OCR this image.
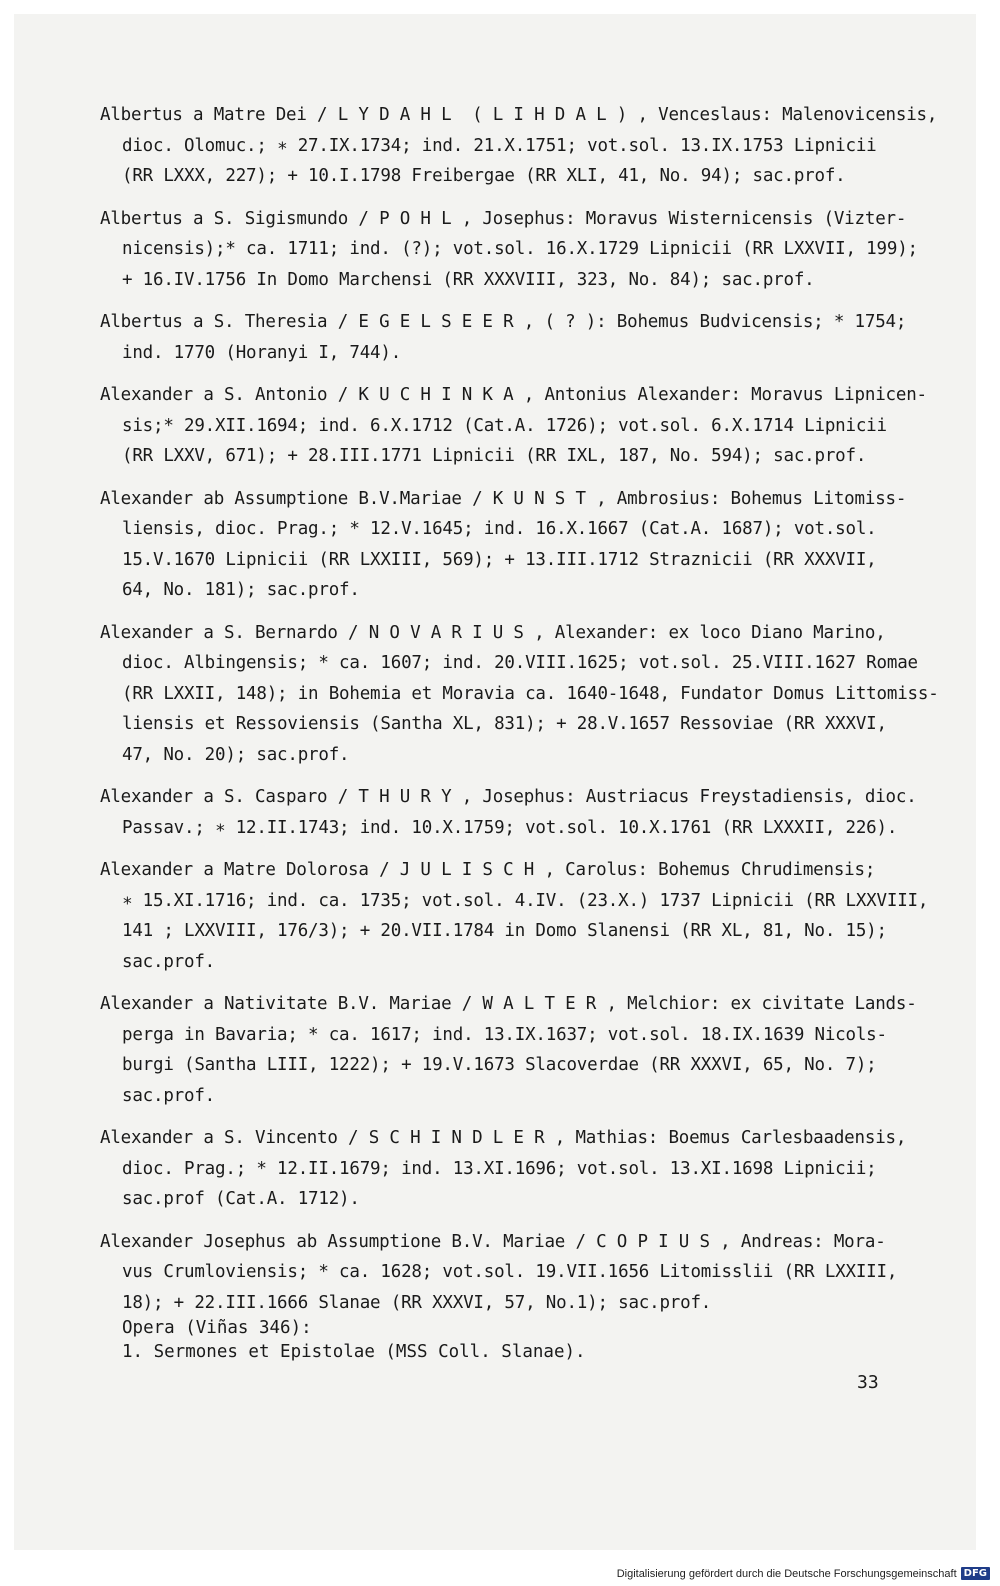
Albertus a Matre Dei / L Y D A H L  ( L I H D A L ) , Venceslaus: Malenovicensis,
dioc. Olomuc.; ∗ 27.IX.1734; ind. 21.X.1751; vot.sol. 13.IX.1753 Lipnicii
(RR LXXX, 227); + 10.I.1798 Freibergae (RR XLI, 41, No. 94); sac.prof.
Albertus a S. Sigismundo / P O H L , Josephus: Moravus Wisternicensis (Vizter-
nicensis);* ca. 1711; ind. (?); vot.sol. 16.X.1729 Lipnicii (RR LXXVII, 199);
+ 16.IV.1756 In Domo Marchensi (RR XXXVIII, 323, No. 84); sac.prof.
Albertus a S. Theresia / E G E L S E E R , ( ? ): Bohemus Budvicensis; * 1754;
ind. 1770 (Horanyi I, 744).
Alexander a S. Antonio / K U C H I N K A , Antonius Alexander: Moravus Lipnicen-
sis;* 29.XII.1694; ind. 6.X.1712 (Cat.A. 1726); vot.sol. 6.X.1714 Lipnicii
(RR LXXV, 671); + 28.III.1771 Lipnicii (RR IXL, 187, No. 594); sac.prof.
Alexander ab Assumptione B.V.Mariae / K U N S T , Ambrosius: Bohemus Litomiss-
liensis, dioc. Prag.; * 12.V.1645; ind. 16.X.1667 (Cat.A. 1687); vot.sol.
15.V.1670 Lipnicii (RR LXXIII, 569); + 13.III.1712 Straznicii (RR XXXVII,
64, No. 181); sac.prof.
Alexander a S. Bernardo / N O V A R I U S , Alexander: ex loco Diano Marino,
dioc. Albingensis; * ca. 1607; ind. 20.VIII.1625; vot.sol. 25.VIII.1627 Romae
(RR LXXII, 148); in Bohemia et Moravia ca. 1640-1648, Fundator Domus Littomiss-
liensis et Ressoviensis (Santha XL, 831); + 28.V.1657 Ressoviae (RR XXXVI,
47, No. 20); sac.prof.
Alexander a S. Casparo / T H U R Y , Josephus: Austriacus Freystadiensis, dioc.
Passav.; ∗ 12.II.1743; ind. 10.X.1759; vot.sol. 10.X.1761 (RR LXXXII, 226).
Alexander a Matre Dolorosa / J U L I S C H , Carolus: Bohemus Chrudimensis;
∗ 15.XI.1716; ind. ca. 1735; vot.sol. 4.IV. (23.X.) 1737 Lipnicii (RR LXXVIII,
141 ; LXXVIII, 176/3); + 20.VII.1784 in Domo Slanensi (RR XL, 81, No. 15);
sac.prof.
Alexander a Nativitate B.V. Mariae / W A L T E R , Melchior: ex civitate Lands-
perga in Bavaria; * ca. 1617; ind. 13.IX.1637; vot.sol. 18.IX.1639 Nicols-
burgi (Santha LIII, 1222); + 19.V.1673 Slacoverdae (RR XXXVI, 65, No. 7);
sac.prof.
Alexander a S. Vincento / S C H I N D L E R , Mathias: Boemus Carlesbaadensis,
dioc. Prag.; * 12.II.1679; ind. 13.XI.1696; vot.sol. 13.XI.1698 Lipnicii;
sac.prof (Cat.A. 1712).
Alexander Josephus ab Assumptione B.V. Mariae / C O P I U S , Andreas: Mora-
vus Crumloviensis; * ca. 1628; vot.sol. 19.VII.1656 Litomisslii (RR LXXIII,
18); + 22.III.1666 Slanae (RR XXXVI, 57, No.1); sac.prof.
Opera (Viñas 346):
1. Sermones et Epistolae (MSS Coll. Slanae).
33
Digitalisierung gefördert durch die Deutsche Forschungsgemeinschaft DFG
